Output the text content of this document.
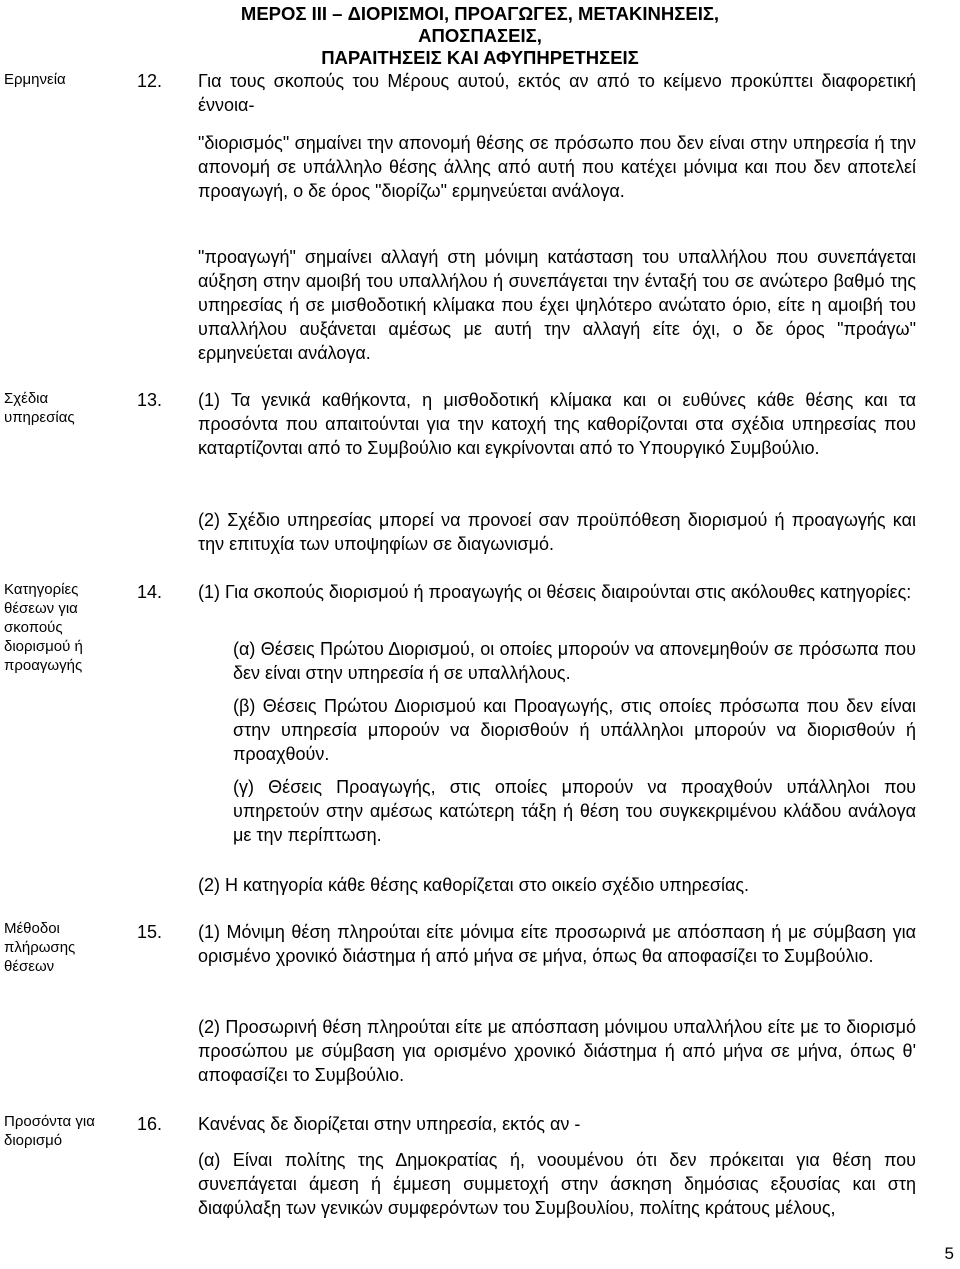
ΜΕΡΟΣ III – ΔΙΟΡΙΣΜΟΙ, ΠΡΟΑΓΩΓΕΣ, ΜΕΤΑΚΙΝΗΣΕΙΣ, ΑΠΟΣΠΑΣΕΙΣ,
ΠΑΡΑΙΤΗΣΕΙΣ ΚΑΙ ΑΦΥΠΗΡΕΤΗΣΕΙΣ
Ερμηνεία	12. Για τους σκοπούς του Μέρους αυτού, εκτός αν από το κείμενο προκύπτει διαφορετική έννοια-
"διορισμός" σημαίνει την απονομή θέσης σε πρόσωπο που δεν είναι στην υπηρεσία ή την απονομή σε υπάλληλο θέσης άλλης από αυτή που κατέχει μόνιμα και που δεν αποτελεί προαγωγή, ο δε όρος "διορίζω" ερμηνεύεται ανάλογα.
"προαγωγή" σημαίνει αλλαγή στη μόνιμη κατάσταση του υπαλλήλου που συνεπάγεται αύξηση στην αμοιβή του υπαλλήλου ή συνεπάγεται την ένταξή του σε ανώτερο βαθμό της υπηρεσίας ή σε μισθοδοτική κλίμακα που έχει ψηλότερο ανώτατο όριο, είτε η αμοιβή του υπαλλήλου αυξάνεται αμέσως με αυτή την αλλαγή είτε όχι, ο δε όρος "προάγω" ερμηνεύεται ανάλογα.
Σχέδια υπηρεσίας
13. (1) Τα γενικά καθήκοντα, η μισθοδοτική κλίμακα και οι ευθύνες κάθε θέσης και τα προσόντα που απαιτούνται για την κατοχή της καθορίζονται στα σχέδια υπηρεσίας που καταρτίζονται από το Συμβούλιο και εγκρίνονται από το Υπουργικό Συμβούλιο.
(2) Σχέδιο υπηρεσίας μπορεί να προνοεί σαν προϋπόθεση διορισμού ή προαγωγής και την επιτυχία των υποψηφίων σε διαγωνισμό.
Κατηγορίες θέσεων για σκοπούς διορισμού ή προαγωγής
14. (1) Για σκοπούς διορισμού ή προαγωγής οι θέσεις διαιρούνται στις ακόλουθες κατηγορίες:
(α) Θέσεις Πρώτου Διορισμού, οι οποίες μπορούν να απονεμηθούν σε πρόσωπα που δεν είναι στην υπηρεσία ή σε υπαλλήλους.
(β) Θέσεις Πρώτου Διορισμού και Προαγωγής, στις οποίες πρόσωπα που δεν είναι στην υπηρεσία μπορούν να διορισθούν ή υπάλληλοι μπορούν να διορισθούν ή προαχθούν.
(γ) Θέσεις Προαγωγής, στις οποίες μπορούν να προαχθούν υπάλληλοι που υπηρετούν στην αμέσως κατώτερη τάξη ή θέση του συγκεκριμένου κλάδου ανάλογα με την περίπτωση.
(2) Η κατηγορία κάθε θέσης καθορίζεται στο οικείο σχέδιο υπηρεσίας.
Μέθοδοι πλήρωσης θέσεων
15. (1) Μόνιμη θέση πληρούται είτε μόνιμα είτε προσωρινά με απόσπαση ή με σύμβαση για ορισμένο χρονικό διάστημα ή από μήνα σε μήνα, όπως θα αποφασίζει το Συμβούλιο.
(2) Προσωρινή θέση πληρούται είτε με απόσπαση μόνιμου υπαλλήλου είτε με το διορισμό προσώπου με σύμβαση για ορισμένο χρονικό διάστημα ή από μήνα σε μήνα, όπως θ' αποφασίζει το Συμβούλιο.
Προσόντα για διορισμό
16. Κανένας δε διορίζεται στην υπηρεσία, εκτός αν -
(α) Είναι πολίτης της Δημοκρατίας ή, νοουμένου ότι δεν πρόκειται για θέση που συνεπάγεται άμεση ή έμμεση συμμετοχή στην άσκηση δημόσιας εξουσίας και στη διαφύλαξη των γενικών συμφερόντων του Συμβουλίου, πολίτης κράτους μέλους,
5
